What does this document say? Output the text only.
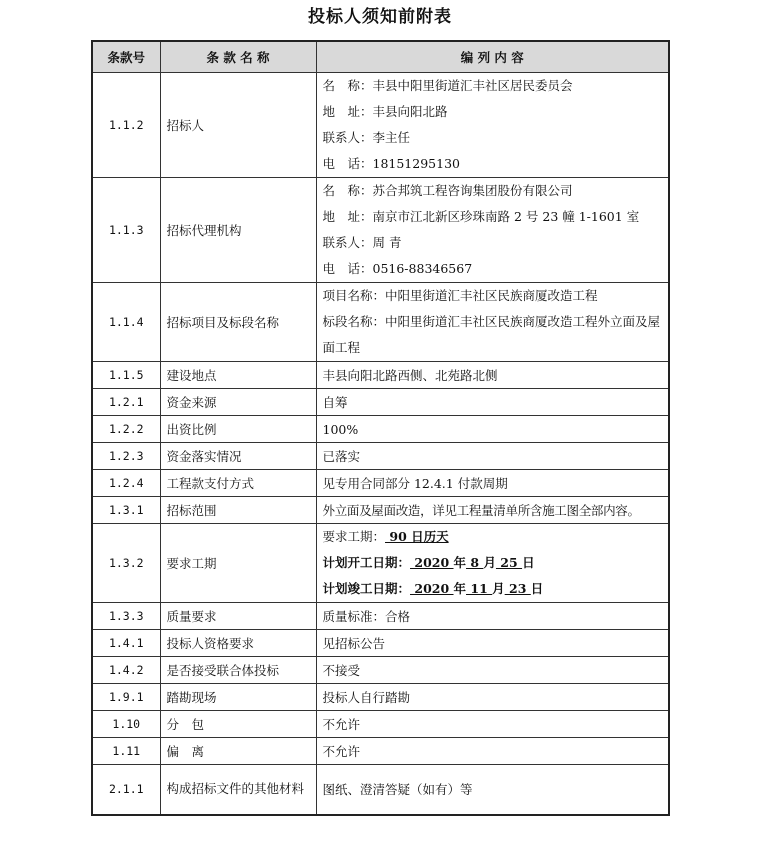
投标人须知前附表
条款号	条 款 名 称	编 列 内 容
1.1.2	招标人	名　称：丰县中阳里街道汇丰社区居民委员会
地　址：丰县向阳北路
联系人：李主任
电　话：18151295130

1.1.3	招标代理机构	名　称：苏合邦筑工程咨询集团股份有限公司
地　址：南京市江北新区珍珠南路 2 号 23 幢 1-1601 室
联系人：周 青
电　话：0516-88346567

1.1.4	招标项目及标段名称	项目名称：中阳里街道汇丰社区民族商厦改造工程
标段名称：中阳里街道汇丰社区民族商厦改造工程外立面及屋面工程

1.1.5	建设地点	丰县向阳北路西侧、北苑路北侧
1.2.1	资金来源	自筹
1.2.2	出资比例	100%
1.2.3	资金落实情况	已落实
1.2.4	工程款支付方式	见专用合同部分 12.4.1 付款周期
1.3.1	招标范围	外立面及屋面改造，详见工程量清单所含施工图全部内容。
1.3.2	要求工期	要求工期： 90 日历天
计划开工日期： 2020 年 8 月 25 日
计划竣工日期： 2020 年 11 月 23 日

1.3.3	质量要求	质量标准：合格
1.4.1	投标人资格要求	见招标公告
1.4.2	是否接受联合体投标	不接受
1.9.1	踏勘现场	投标人自行踏勘
1.10	分　包	不允许
1.11	偏　离	不允许
2.1.1	构成招标文件的其他材料	图纸、澄清答疑（如有）等
